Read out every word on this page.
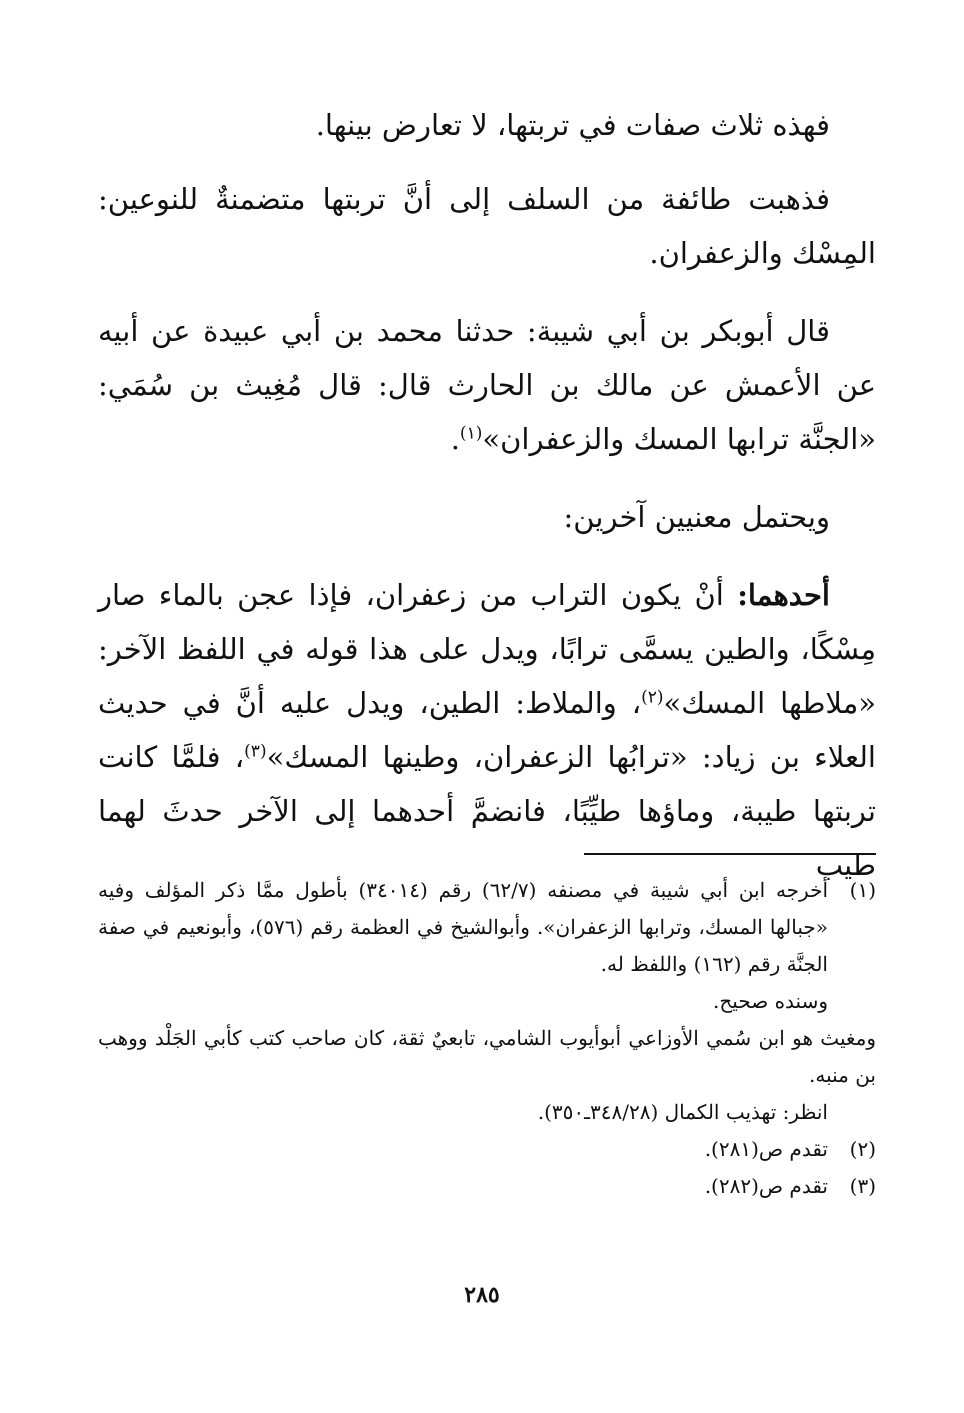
فهذه ثلاث صفات في تربتها، لا تعارض بينها.

فذهبت طائفة من السلف إلى أنَّ تربتها متضمنةٌ للنوعين: المِسْك والزعفران.

قال أبوبكر بن أبي شيبة: حدثنا محمد بن أبي عبيدة عن أبيه عن الأعمش عن مالك بن الحارث قال: قال مُغِيث بن سُمَي: «الجنَّة ترابها المسك والزعفران»$^{(١)}$.

ويحتمل معنيين آخرين:

أحدهما: أنْ يكون التراب من زعفران، فإذا عجن بالماء صار مِسْكًا، والطين يسمَّى ترابًا، ويدل على هذا قوله في اللفظ الآخر: «ملاطها المسك»$^{(٢)}$، والملاط: الطين، ويدل عليه أنَّ في حديث العلاء بن زياد: «ترابُها الزعفران، وطينها المسك»$^{(٣)}$، فلمَّا كانت تربتها طيبة، وماؤها طيِّبًا، فانضمَّ أحدهما إلى الآخر حدثَ لهما طيب

(١)
أخرجه ابن أبي شيبة في مصنفه (٦٢/٧) رقم (٣٤٠١٤) بأطول ممَّا ذكر المؤلف وفيه «جبالها المسك، وترابها الزعفران». وأبوالشيخ في العظمة رقم (٥٧٦)، وأبونعيم في صفة الجنَّة رقم (١٦٢) واللفظ له.
وسنده صحيح.
ومغيث هو ابن سُمي الأوزاعي أبوأيوب الشامي، تابعيٌ ثقة، كان صاحب كتب كأبي الجَلْد ووهب بن منبه.
انظر: تهذيب الكمال (٣٤٨/٢٨ـ٣٥٠).
(٢)
تقدم ص(٢٨١).
(٣)
تقدم ص(٢٨٢).
٢٨٥
